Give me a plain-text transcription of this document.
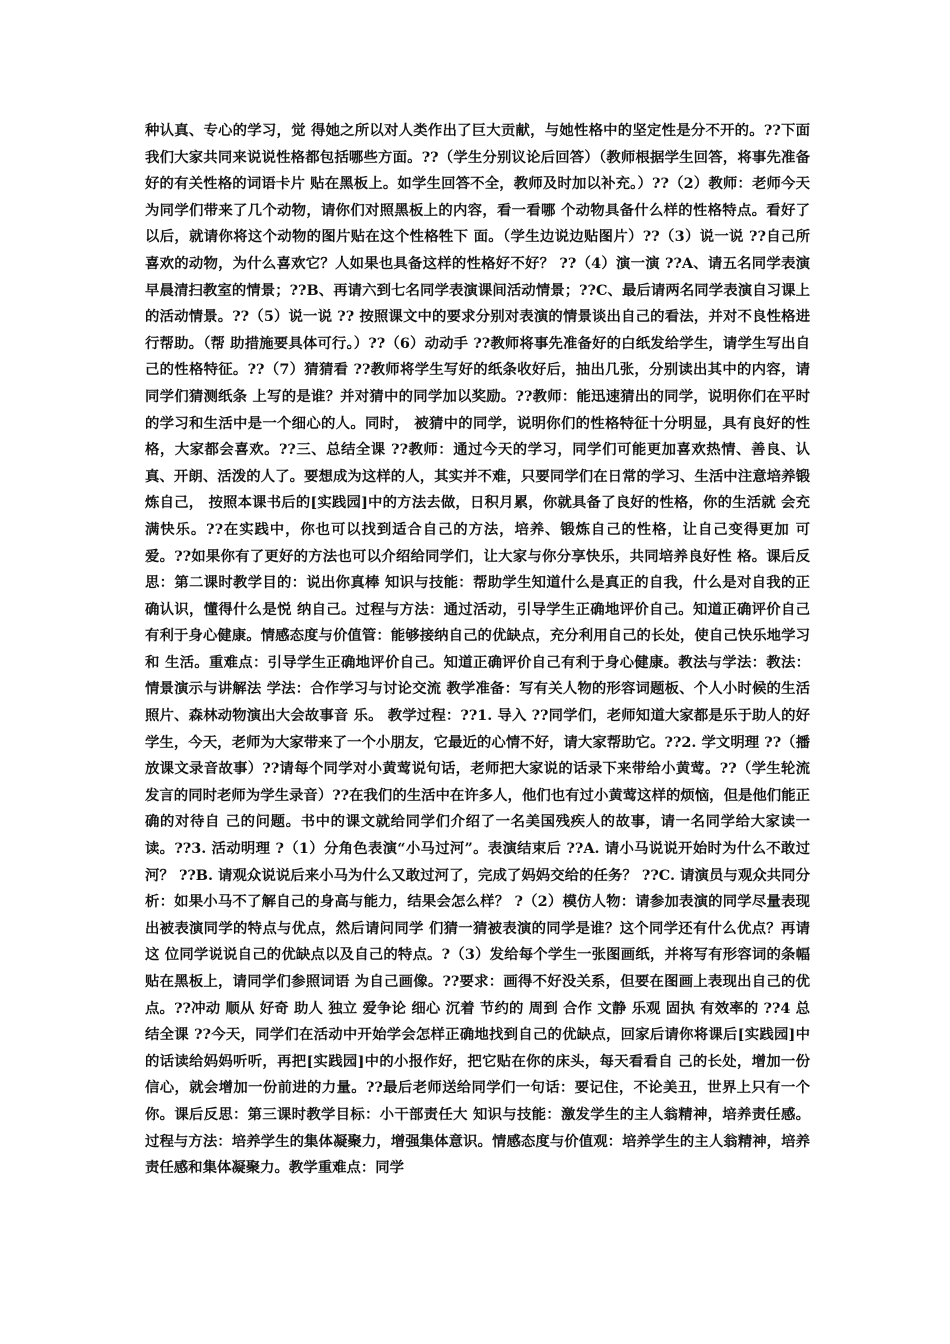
种认真、专心的学习，觉 得她之所以对人类作出了巨大贡献，与她性格中的坚定性是分不开的。??下面我们大家共同来说说性格都包括哪些方面。??（学生分别议论后回答）（教师根据学生回答，将事先准备好的有关性格的词语卡片 贴在黑板上。如学生回答不全，教师及时加以补充。）??（2）教师：老师今天为同学们带来了几个动物，请你们对照黑板上的内容，看一看哪 个动物具备什么样的性格特点。看好了以后，就请你将这个动物的图片贴在这个性格牲下 面。（学生边说边贴图片）??（3）说一说 ??自己所喜欢的动物，为什么喜欢它？人如果也具备这样的性格好不好？ ??（4）演一演 ??A、请五名同学表演早晨清扫教室的情景；??B、再请六到七名同学表演课间活动情景；??C、最后请两名同学表演自习课上的活动情景。??（5）说一说 ?? 按照课文中的要求分别对表演的情景谈出自己的看法，并对不良性格进行帮助。（帮 助措施要具体可行。）??（6）动动手 ??教师将事先准备好的白纸发给学生，请学生写出自己的性格特征。??（7）猜猜看 ??教师将学生写好的纸条收好后，抽出几张，分别读出其中的内容，请同学们猜测纸条 上写的是谁？并对猜中的同学加以奖励。??教师：能迅速猜出的同学，说明你们在平时的学习和生活中是一个细心的人。同时， 被猜中的同学，说明你们的性格特征十分明显，具有良好的性格，大家都会喜欢。??三、总结全课 ??教师：通过今天的学习，同学们可能更加喜欢热情、善良、认真、开朗、活泼的人了。要想成为这样的人，其实并不难，只要同学们在日常的学习、生活中注意培养锻炼自己， 按照本课书后的[实践园]中的方法去做，日积月累，你就具备了良好的性格，你的生活就 会充满快乐。??在实践中，你也可以找到适合自己的方法，培养、锻炼自己的性格，让自己变得更加 可爱。??如果你有了更好的方法也可以介绍给同学们，让大家与你分享快乐，共同培养良好性 格。课后反思：第二课时教学目的：说出你真棒 知识与技能：帮助学生知道什么是真正的自我，什么是对自我的正确认识，懂得什么是悦 纳自己。过程与方法：通过活动，引导学生正确地评价自己。知道正确评价自己有利于身心健康。情感态度与价值管：能够接纳自己的优缺点，充分利用自己的长处，使自己快乐地学习和 生活。重难点：引导学生正确地评价自己。知道正确评价自己有利于身心健康。教法与学法：教法：情景演示与讲解法 学法：合作学习与讨论交流 教学准备：写有关人物的形容词题板、个人小时候的生活照片、森林动物演出大会故事音 乐。 教学过程：??1. 导入 ??同学们，老师知道大家都是乐于助人的好学生，今天，老师为大家带来了一个小朋友，它最近的心情不好，请大家帮助它。??2. 学文明理 ??（播放课文录音故事）??请每个同学对小黄莺说句话，老师把大家说的话录下来带给小黄莺。??（学生轮流发言的同时老师为学生录音）??在我们的生活中在许多人，他们也有过小黄莺这样的烦恼，但是他们能正确的对待自 己的问题。书中的课文就给同学们介绍了一名美国残疾人的故事，请一名同学给大家读一 读。??3. 活动明理 ?（1）分角色表演“小马过河”。表演结束后 ??A. 请小马说说开始时为什么不敢过河？ ??B. 请观众说说后来小马为什么又敢过河了，完成了妈妈交给的任务？ ??C. 请演员与观众共同分析：如果小马不了解自己的身高与能力，结果会怎么样？ ?（2）模仿人物：请参加表演的同学尽量表现出被表演同学的特点与优点，然后请问同学 们猜一猜被表演的同学是谁？这个同学还有什么优点？再请这 位同学说说自己的优缺点以及自己的特点。?（3）发给每个学生一张图画纸，并将写有形容词的条幅贴在黑板上，请同学们参照词语 为自己画像。??要求：画得不好没关系，但要在图画上表现出自己的优点。??冲动 顺从 好奇 助人 独立 爱争论 细心 沉着 节约的 周到 合作 文静 乐观 固执 有效率的 ??4 总结全课 ??今天，同学们在活动中开始学会怎样正确地找到自己的优缺点，回家后请你将课后[实践园]中的话读给妈妈听听，再把[实践园]中的小报作好，把它贴在你的床头，每天看看自 己的长处，增加一份信心，就会增加一份前进的力量。??最后老师送给同学们一句话：要记住，不论美丑，世界上只有一个你。课后反思：第三课时教学目标：小干部责任大 知识与技能：激发学生的主人翁精神，培养责任感。过程与方法：培养学生的集体凝聚力，增强集体意识。情感态度与价值观：培养学生的主人翁精神，培养责任感和集体凝聚力。教学重难点：同学
